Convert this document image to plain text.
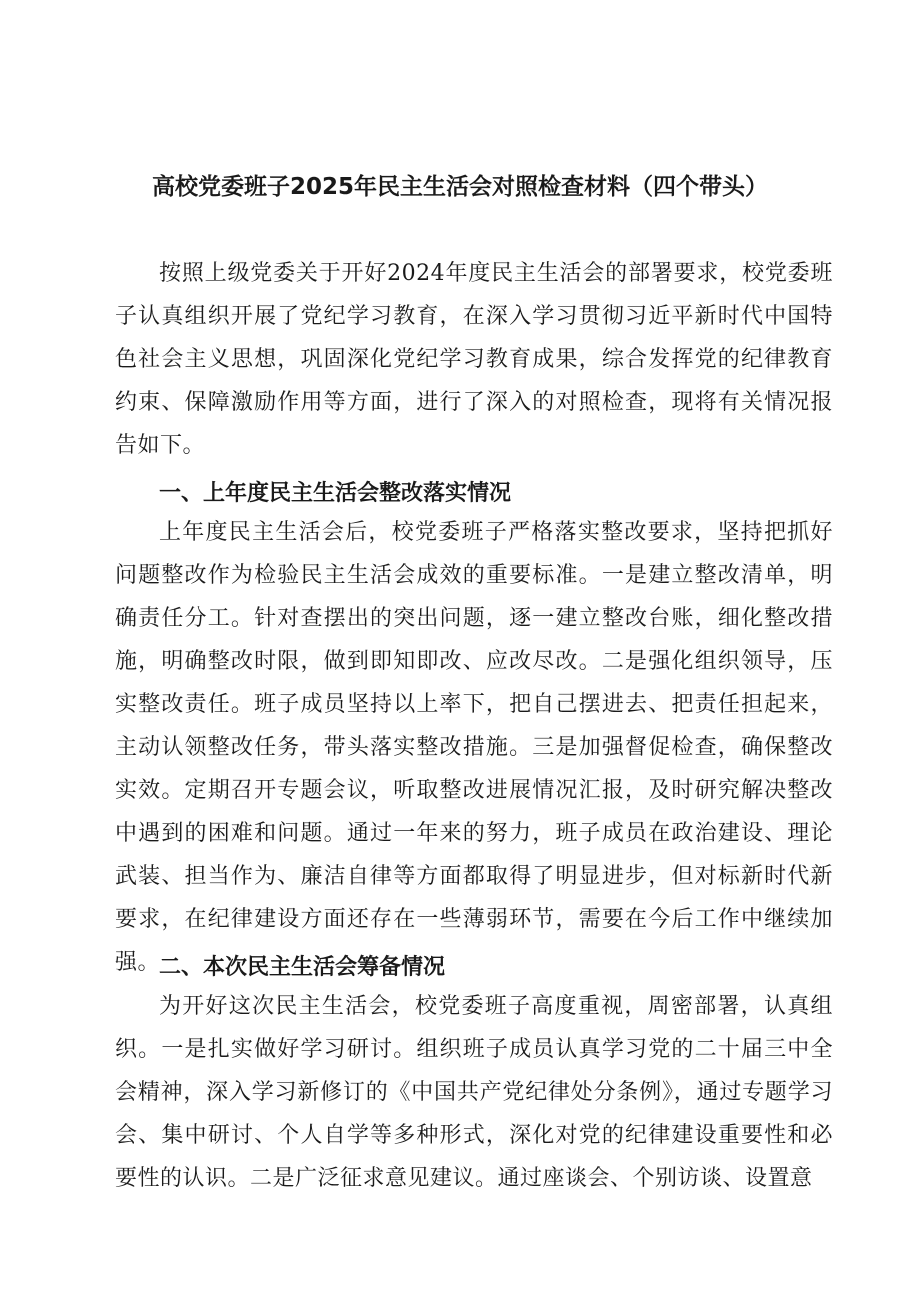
高校党委班子2025年民主生活会对照检查材料（四个带头）
按照上级党委关于开好2024年度民主生活会的部署要求，校党委班子认真组织开展了党纪学习教育，在深入学习贯彻习近平新时代中国特色社会主义思想，巩固深化党纪学习教育成果，综合发挥党的纪律教育约束、保障激励作用等方面，进行了深入的对照检查，现将有关情况报告如下。
一、上年度民主生活会整改落实情况
上年度民主生活会后，校党委班子严格落实整改要求，坚持把抓好问题整改作为检验民主生活会成效的重要标准。一是建立整改清单，明确责任分工。针对查摆出的突出问题，逐一建立整改台账，细化整改措施，明确整改时限，做到即知即改、应改尽改。二是强化组织领导，压实整改责任。班子成员坚持以上率下，把自己摆进去、把责任担起来，主动认领整改任务，带头落实整改措施。三是加强督促检查，确保整改实效。定期召开专题会议，听取整改进展情况汇报，及时研究解决整改中遇到的困难和问题。通过一年来的努力，班子成员在政治建设、理论武装、担当作为、廉洁自律等方面都取得了明显进步，但对标新时代新要求，在纪律建设方面还存在一些薄弱环节，需要在今后工作中继续加强。
二、本次民主生活会筹备情况
为开好这次民主生活会，校党委班子高度重视，周密部署，认真组织。一是扎实做好学习研讨。组织班子成员认真学习党的二十届三中全会精神，深入学习新修订的《中国共产党纪律处分条例》，通过专题学习会、集中研讨、个人自学等多种形式，深化对党的纪律建设重要性和必要性的认识。二是广泛征求意见建议。通过座谈会、个别访谈、设置意
